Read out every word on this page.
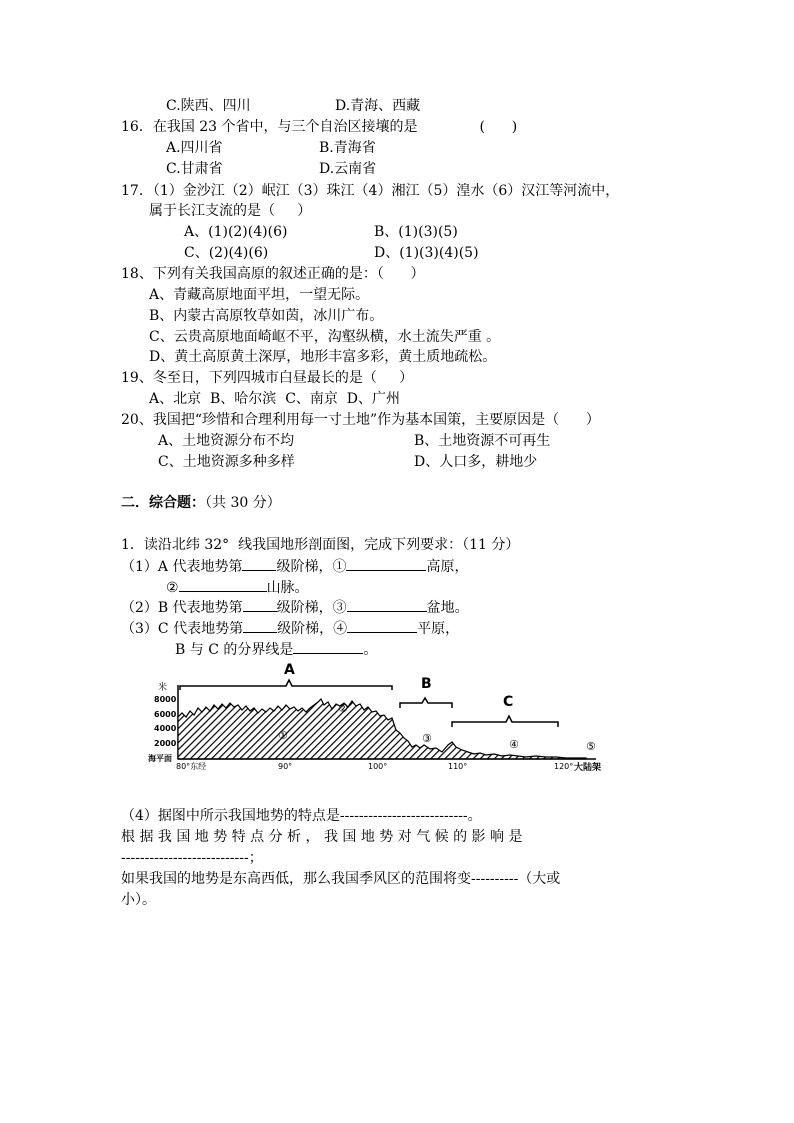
C.陕西、四川	D.青海、西藏
16．在我国 23 个省中，与三个自治区接壤的是	(      )
A.四川省	B.青海省
C.甘肃省	D.云南省
17．（1）金沙江（2）岷江（3）珠江（4）湘江（5）湟水（6）汉江等河流中，
属于长江支流的是（     ）
A、(1)(2)(4)(6)	B、(1)(3)(5)
C、(2)(4)(6)	D、(1)(3)(4)(5)
18、下列有关我国高原的叙述正确的是：（      ）
A、青藏高原地面平坦，一望无际。
B、内蒙古高原牧草如茵，冰川广布。
C、云贵高原地面崎岖不平，沟壑纵横，水土流失严重 。
D、黄土高原黄土深厚，地形丰富多彩，黄土质地疏松。
19、冬至日，下列四城市白昼最长的是（     ）
A、北京  B、哈尔滨  C、南京  D、广州
20、我国把“珍惜和合理利用每一寸土地”作为基本国策，主要原因是（      ）
A、土地资源分布不均	B、土地资源不可再生
C、土地资源多种多样	D、人口多，耕地少
二．综合题：（共 30 分）
1．读沿北纬 32°  线我国地形剖面图，完成下列要求：（11 分）
（1）A 代表地势第 级阶梯，①	高原，
②	山脉。
（2）B 代表地势第 级阶梯，③	盆地。
（3）C 代表地势第 级阶梯，④	平原，
B 与 C 的分界线是	。
米
8000
6000
4000
2000
海平面
A
B
C
①
②
③	④	⑤
80°东经	90°	100°	110°	120° 大陆架
（4）据图中所示我国地势的特点是---------------------------。
根 据 我 国 地 势 特 点 分 析 ， 我 国 地 势 对 气 候 的 影 响 是
---------------------------；
如果我国的地势是东高西低，那么我国季风区的范围将变----------（大或
小）。
